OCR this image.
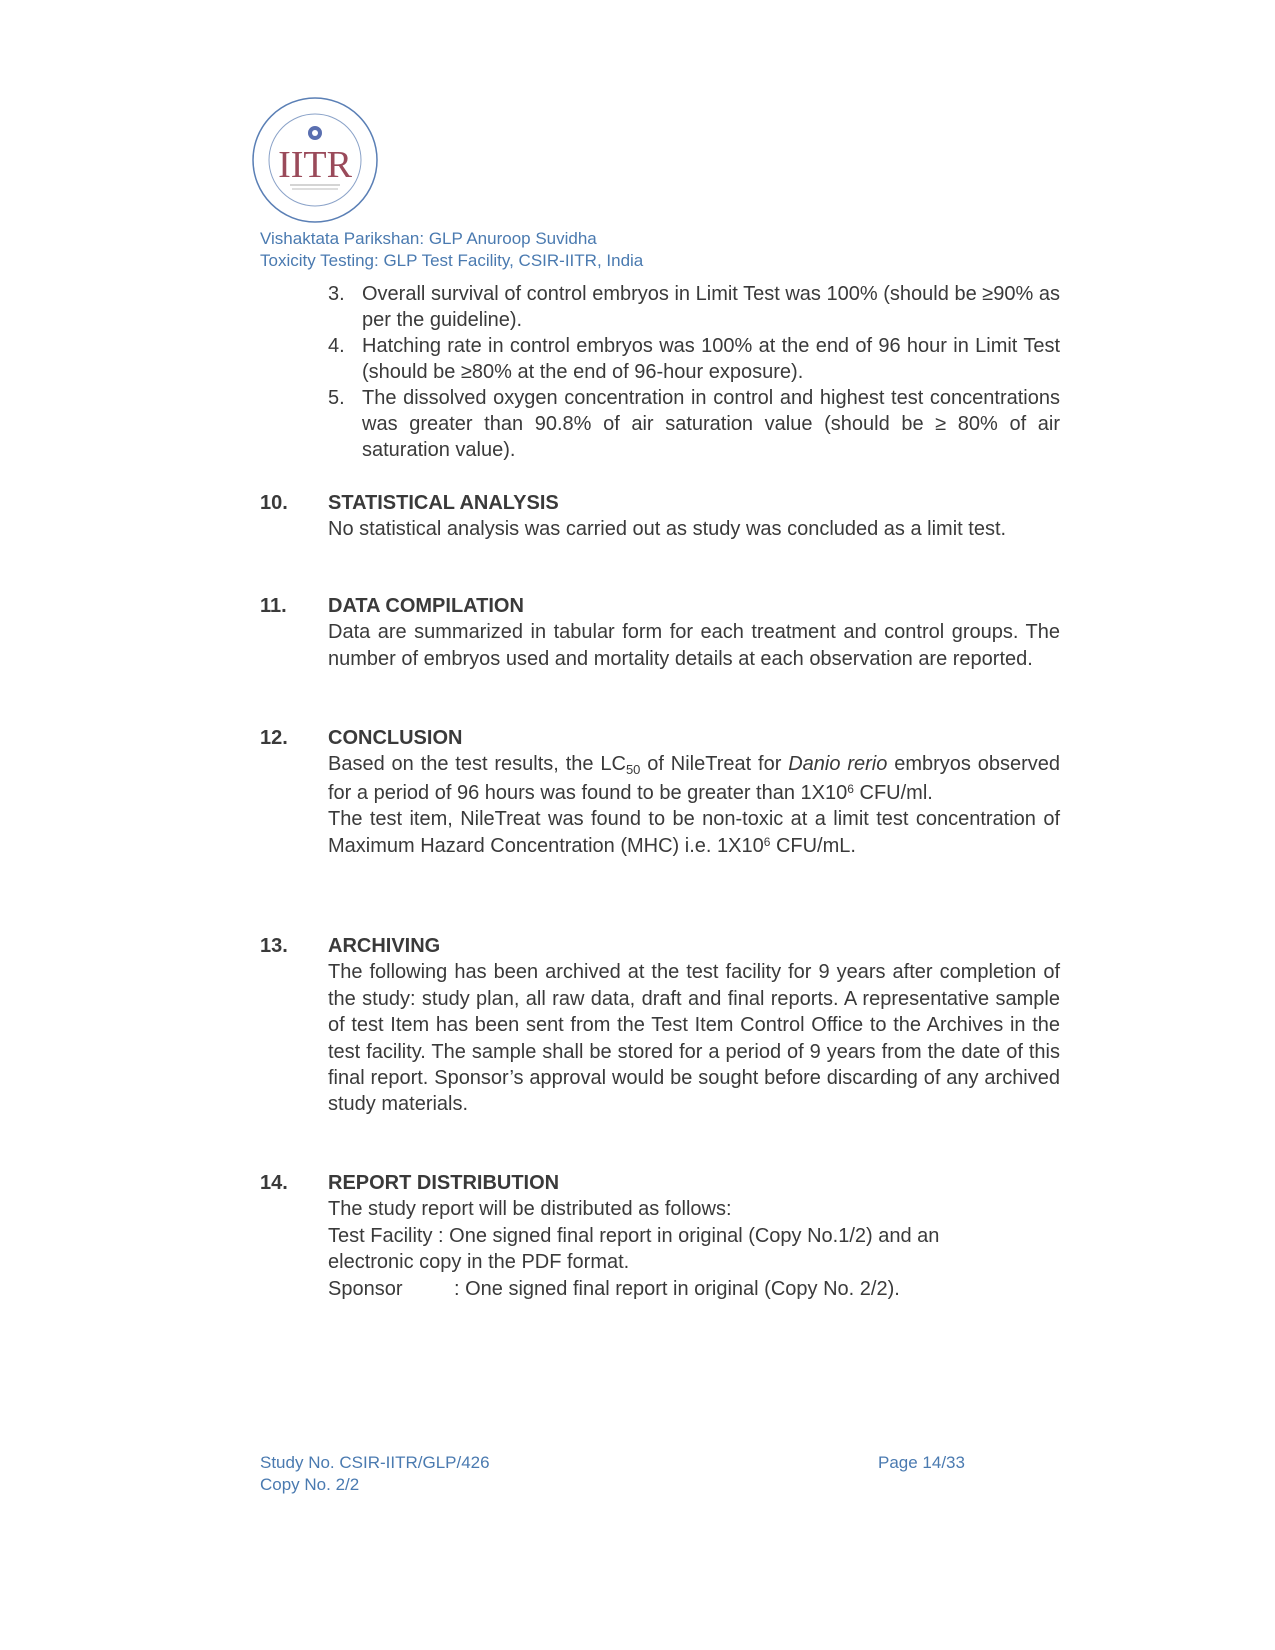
IITR
Vishaktata Parikshan: GLP Anuroop Suvidha
Toxicity Testing: GLP Test Facility, CSIR-IITR, India
3. Overall survival of control embryos in Limit Test was 100% (should be ≥90% as per the guideline).
4. Hatching rate in control embryos was 100% at the end of 96 hour in Limit Test (should be ≥80% at the end of 96-hour exposure).
5. The dissolved oxygen concentration in control and highest test concentrations was greater than 90.8% of air saturation value (should be ≥ 80% of air saturation value).
10. STATISTICAL ANALYSIS
No statistical analysis was carried out as study was concluded as a limit test.
11. DATA COMPILATION
Data are summarized in tabular form for each treatment and control groups. The number of embryos used and mortality details at each observation are reported.
12. CONCLUSION

Based on the test results, the $LC_{50}$ of NileTreat for Danio rerio embryos observed for a period of 96 hours was found to be greater than $1X10^6$ CFU/ml.

The test item, NileTreat was found to be non-toxic at a limit test concentration of Maximum Hazard Concentration (MHC) i.e. $1X10^6$ CFU/mL.

13. ARCHIVING
The following has been archived at the test facility for 9 years after completion of the study: study plan, all raw data, draft and final reports. A representative sample of test Item has been sent from the Test Item Control Office to the Archives in the test facility. The sample shall be stored for a period of 9 years from the date of this final report. Sponsor’s approval would be sought before discarding of any archived study materials.
14. REPORT DISTRIBUTION

The study report will be distributed as follows:

Test Facility : One signed final report in original (Copy No.1/2) and an electronic copy in the PDF format.

Sponsor	: One signed final report in original (Copy No. 2/2).
Study No. CSIR-IITR/GLP/426
Copy No. 2/2
Page 14/33
